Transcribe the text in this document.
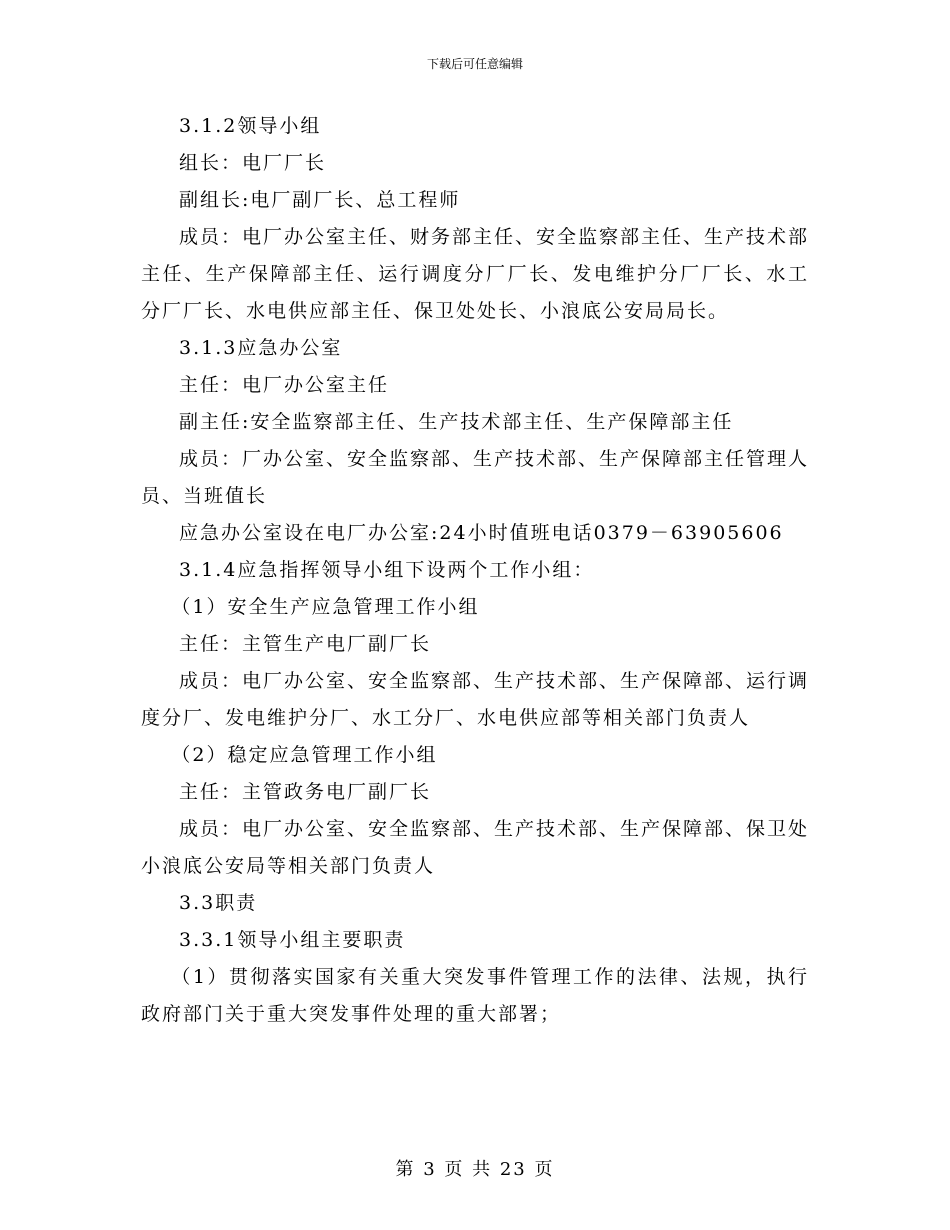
下载后可任意编辑

3.1.2领导小组

组长：电厂厂长

副组长:电厂副厂长、总工程师

成员：电厂办公室主任、财务部主任、安全监察部主任、生产技术部主任、生产保障部主任、运行调度分厂厂长、发电维护分厂厂长、水工分厂厂长、水电供应部主任、保卫处处长、小浪底公安局局长。

3.1.3应急办公室

主任：电厂办公室主任

副主任:安全监察部主任、生产技术部主任、生产保障部主任

成员：厂办公室、安全监察部、生产技术部、生产保障部主任管理人员、当班值长

应急办公室设在电厂办公室:24小时值班电话0379－63905606

3.1.4应急指挥领导小组下设两个工作小组：

（1）安全生产应急管理工作小组

主任：主管生产电厂副厂长

成员：电厂办公室、安全监察部、生产技术部、生产保障部、运行调度分厂、发电维护分厂、水工分厂、水电供应部等相关部门负责人

（2）稳定应急管理工作小组

主任：主管政务电厂副厂长

成员：电厂办公室、安全监察部、生产技术部、生产保障部、保卫处小浪底公安局等相关部门负责人

3.3职责

3.3.1领导小组主要职责

（1）贯彻落实国家有关重大突发事件管理工作的法律、法规，执行政府部门关于重大突发事件处理的重大部署；

第 3 页 共 23 页
